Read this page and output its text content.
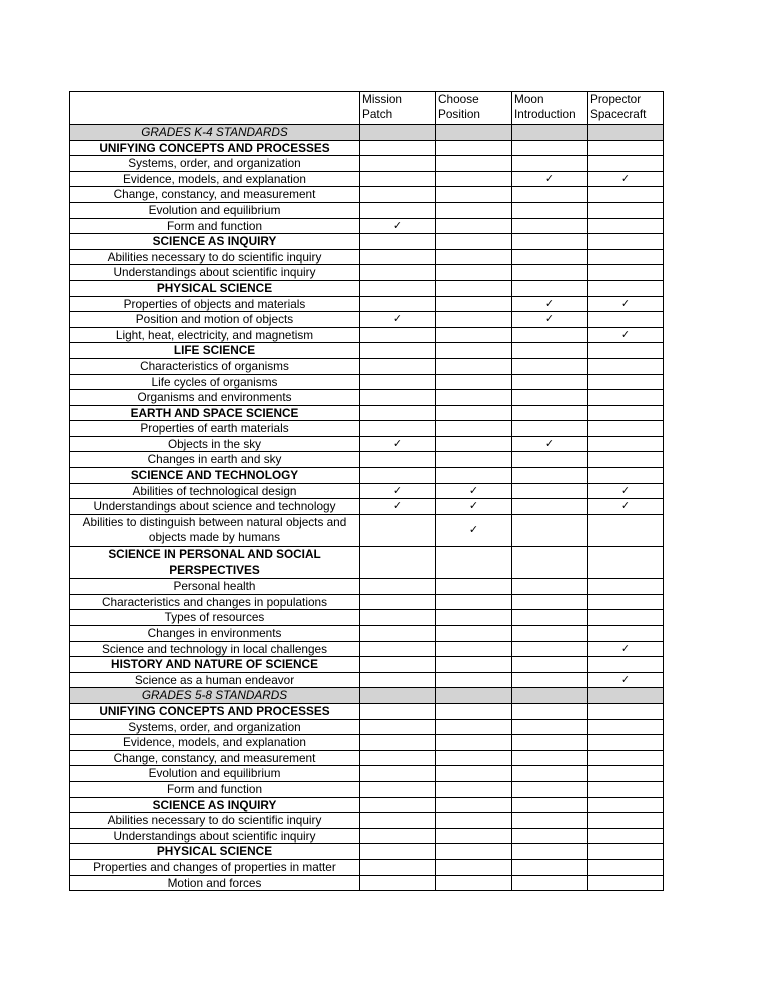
	Mission Patch	Choose Position	Moon Introduction	Propector Spacecraft
GRADES K-4 STANDARDS				
UNIFYING CONCEPTS AND PROCESSES				
Systems, order, and organization				
Evidence, models, and explanation			✓	✓
Change, constancy, and measurement				
Evolution and equilibrium				
Form and function	✓			
SCIENCE AS INQUIRY				
Abilities necessary to do scientific inquiry				
Understandings about scientific inquiry				
PHYSICAL SCIENCE				
Properties of objects and materials			✓	✓
Position and motion of objects	✓		✓	
Light, heat, electricity, and magnetism				✓
LIFE SCIENCE				
Characteristics of organisms				
Life cycles of organisms				
Organisms and environments				
EARTH AND SPACE SCIENCE				
Properties of earth materials				
Objects in the sky	✓		✓	
Changes in earth and sky				
SCIENCE AND TECHNOLOGY				
Abilities of technological design	✓	✓		✓
Understandings about science and technology	✓	✓		✓
Abilities to distinguish between natural objects and objects made by humans		✓		
SCIENCE IN PERSONAL AND SOCIAL PERSPECTIVES				
Personal health				
Characteristics and changes in populations				
Types of resources				
Changes in environments				
Science and technology in local challenges				✓
HISTORY AND NATURE OF SCIENCE				
Science as a human endeavor				✓
GRADES 5-8 STANDARDS				
UNIFYING CONCEPTS AND PROCESSES				
Systems, order, and organization				
Evidence, models, and explanation				
Change, constancy, and measurement				
Evolution and equilibrium				
Form and function				
SCIENCE AS INQUIRY				
Abilities necessary to do scientific inquiry				
Understandings about scientific inquiry				
PHYSICAL SCIENCE				
Properties and changes of properties in matter				
Motion and forces				
